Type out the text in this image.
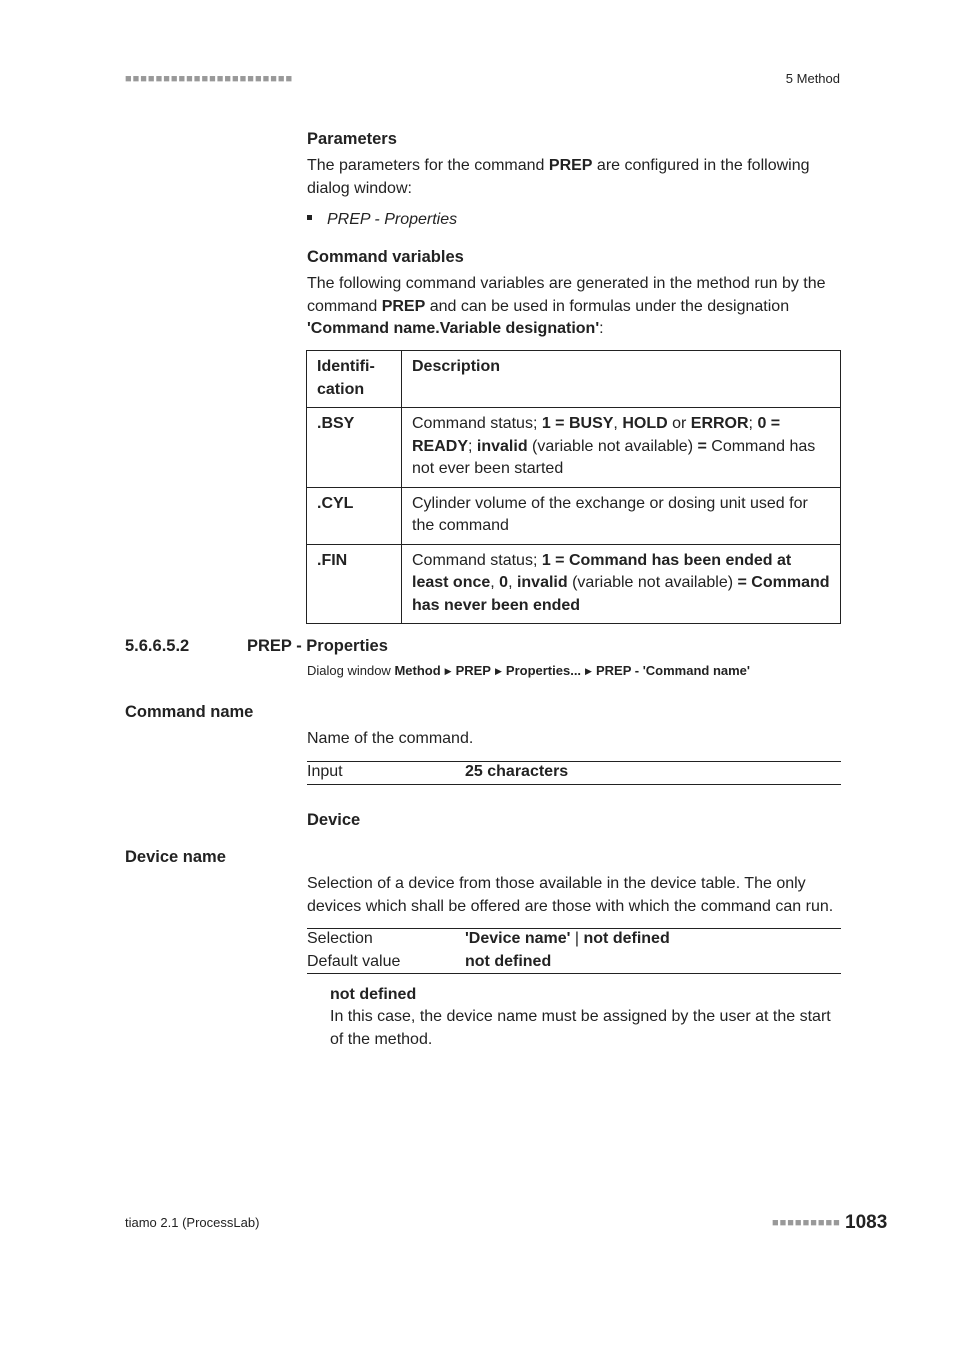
■■■■■■■■■■■■■■■■■■■■■■	5 Method
Parameters

The parameters for the command PREP are configured in the following dialog window:

PREP - Properties
Command variables

The following command variables are generated in the method run by the command PREP and can be used in formulas under the designation 'Command name.Variable designation':

Identifi-
cation	Description
.BSY	Command status; 1 = BUSY, HOLD or ERROR; 0 = READY; invalid (variable not available) = Command has not ever been started
.CYL	Cylinder volume of the exchange or dosing unit used for the command
.FIN	Command status; 1 = Command has been ended at least once, 0, invalid (variable not available) = Command has never been ended
5.6.6.5.2	PREP - Properties
Dialog window Method ▶ PREP ▶ Properties... ▶ PREP - 'Command name'
Command name

Name of the command.

Input	25 characters
Device
Device name

Selection of a device from those available in the device table. The only devices which shall be offered are those with which the command can run.

Selection	'Device name' | not defined
Default value	not defined
not defined

In this case, the device name must be assigned by the user at the start of the method.

tiamo 2.1 (ProcessLab)	■■■■■■■■■ 1083
